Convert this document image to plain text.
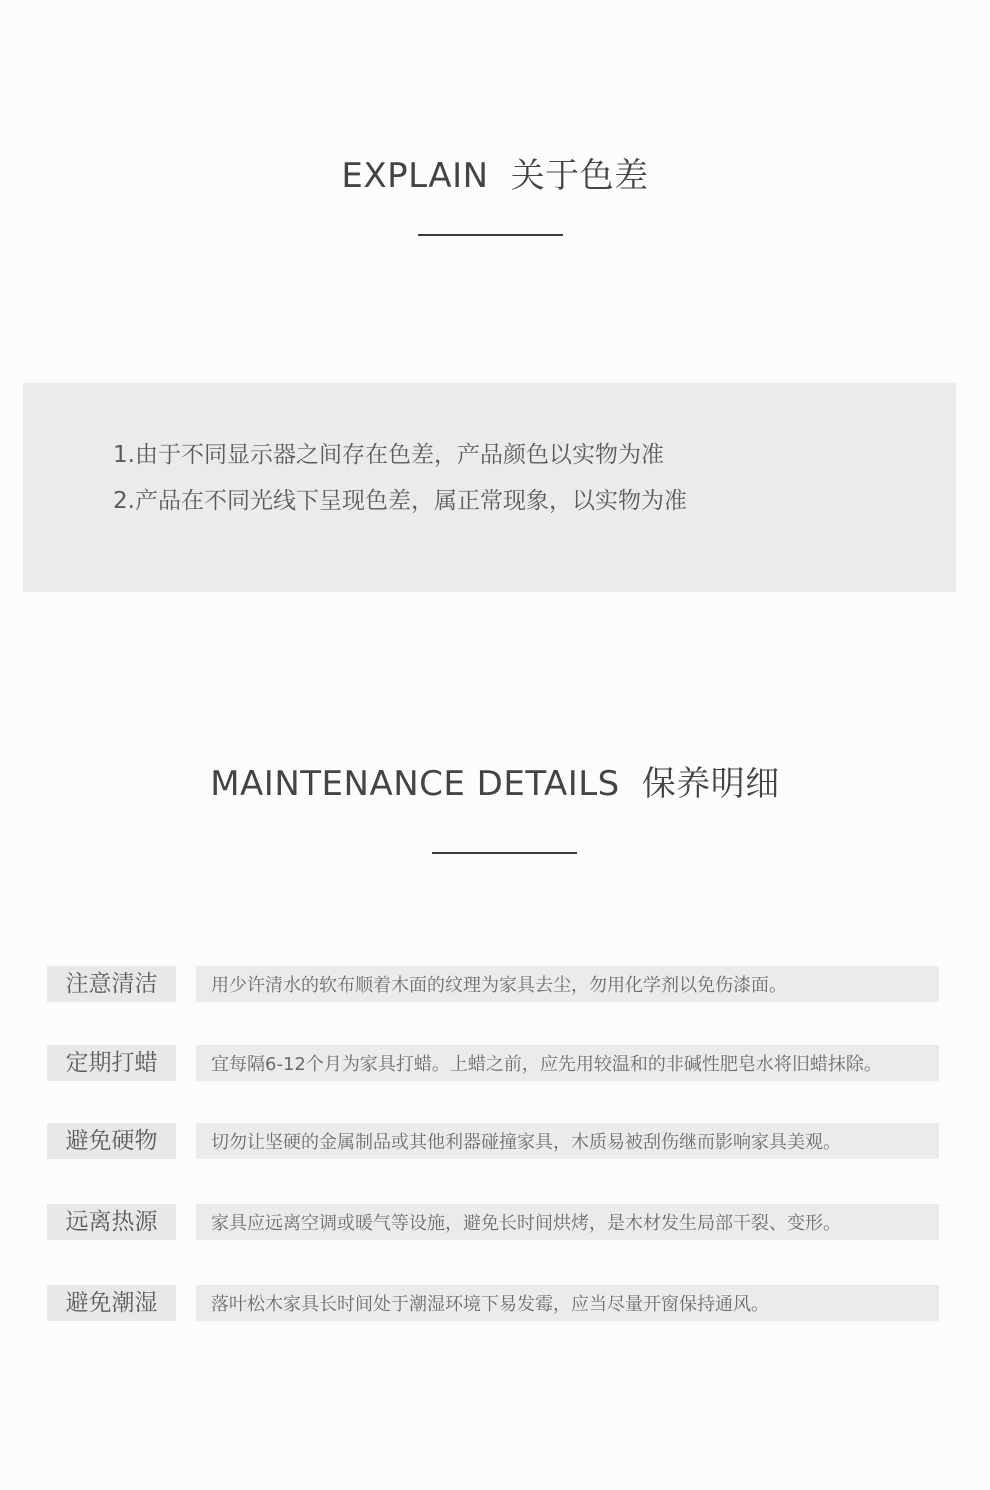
EXPLAIN 关于色差
1.由于不同显示器之间存在色差，产品颜色以实物为准
2.产品在不同光线下呈现色差，属正常现象，以实物为准
MAINTENANCE DETAILS 保养明细
注意清洁	用少许清水的软布顺着木面的纹理为家具去尘，勿用化学剂以免伤漆面。
定期打蜡	宜每隔6-12个月为家具打蜡。上蜡之前，应先用较温和的非碱性肥皂水将旧蜡抹除。
避免硬物	切勿让坚硬的金属制品或其他利器碰撞家具，木质易被刮伤继而影响家具美观。
远离热源	家具应远离空调或暖气等设施，避免长时间烘烤，是木材发生局部干裂、变形。
避免潮湿	落叶松木家具长时间处于潮湿环境下易发霉，应当尽量开窗保持通风。
